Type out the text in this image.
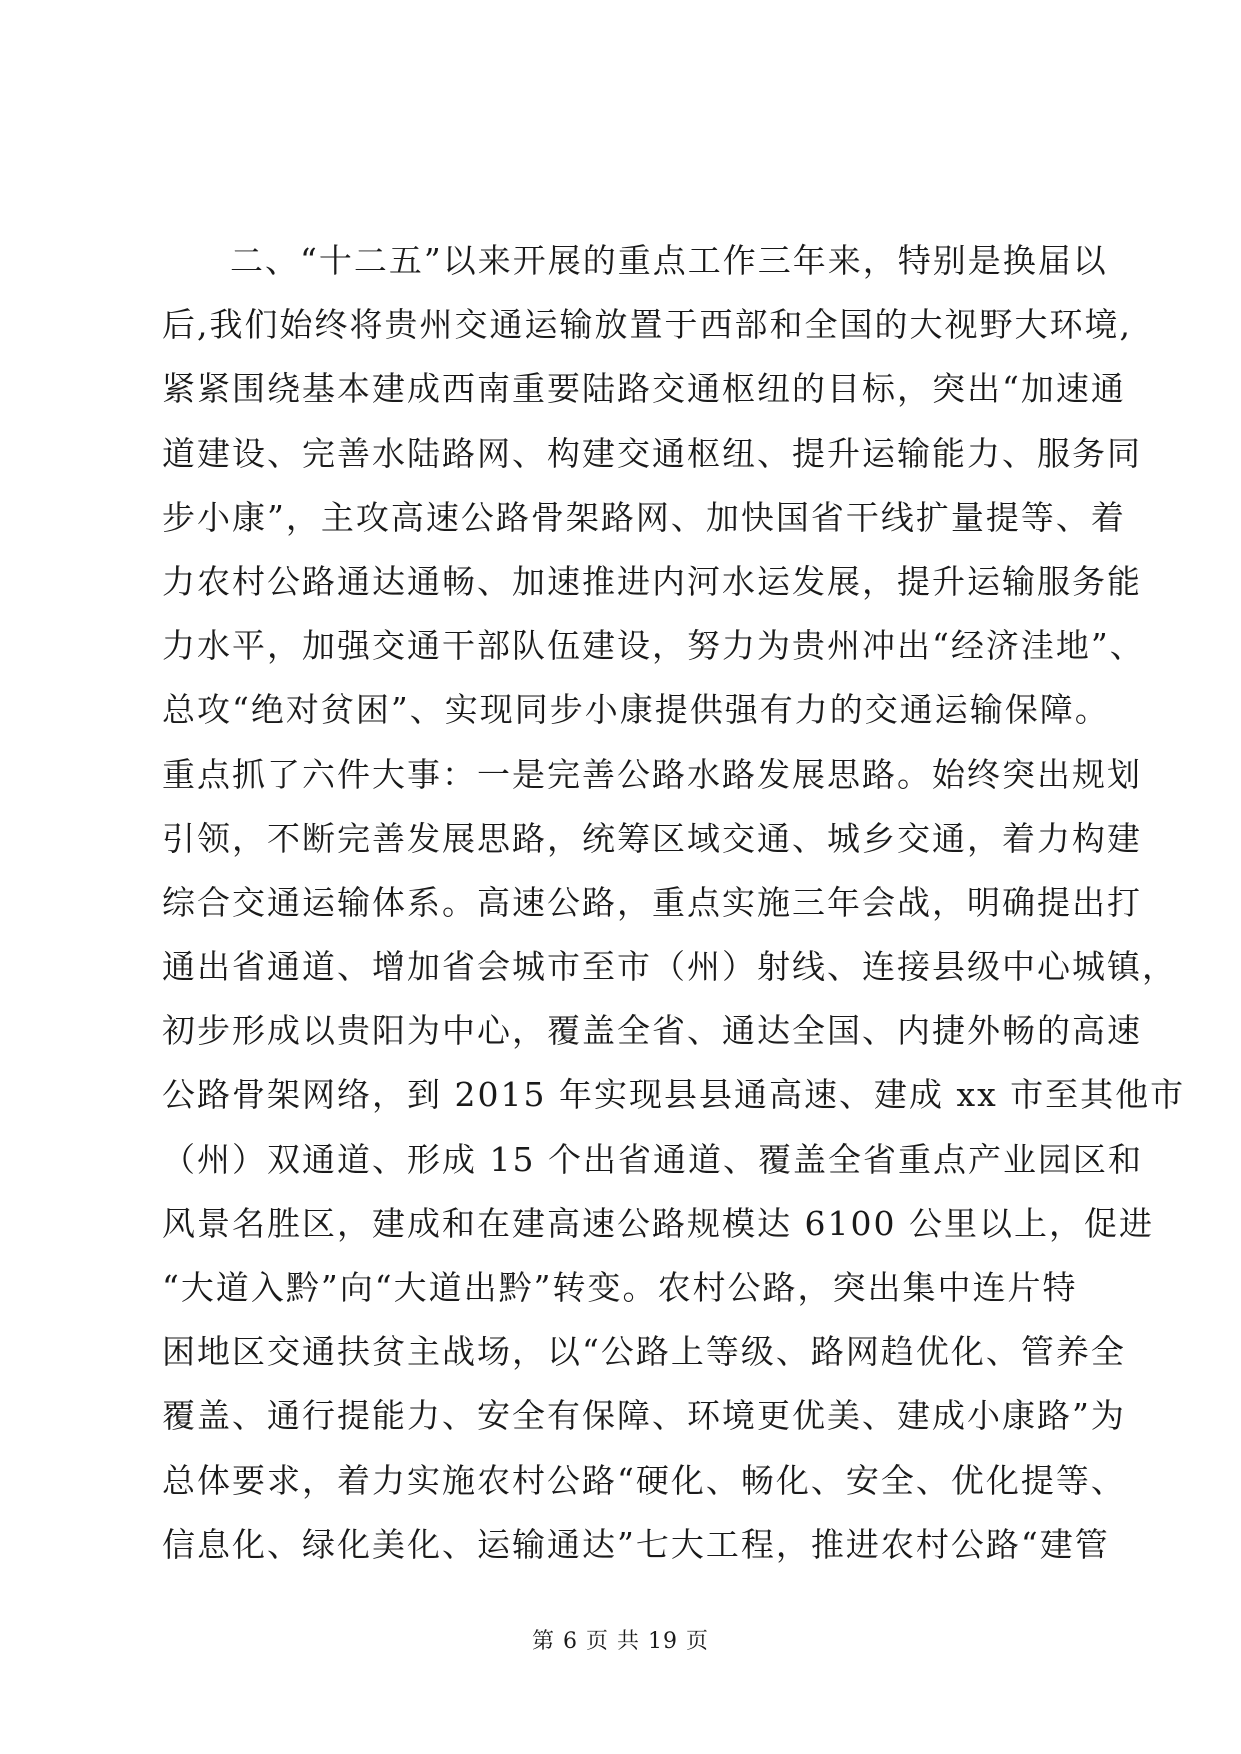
二、“十二五”以来开展的重点工作三年来，特别是换届以
后,我们始终将贵州交通运输放置于西部和全国的大视野大环境,
紧紧围绕基本建成西南重要陆路交通枢纽的目标，突出“加速通
道建设、完善水陆路网、构建交通枢纽、提升运输能力、服务同
步小康”，主攻高速公路骨架路网、加快国省干线扩量提等、着
力农村公路通达通畅、加速推进内河水运发展，提升运输服务能
力水平，加强交通干部队伍建设，努力为贵州冲出“经济洼地”、
总攻“绝对贫困”、实现同步小康提供强有力的交通运输保障。
重点抓了六件大事：一是完善公路水路发展思路。始终突出规划
引领，不断完善发展思路，统筹区域交通、城乡交通，着力构建
综合交通运输体系。高速公路，重点实施三年会战，明确提出打
通出省通道、增加省会城市至市（州）射线、连接县级中心城镇，
初步形成以贵阳为中心，覆盖全省、通达全国、内捷外畅的高速
公路骨架网络，到 2015 年实现县县通高速、建成 xx 市至其他市
（州）双通道、形成 15 个出省通道、覆盖全省重点产业园区和
风景名胜区，建成和在建高速公路规模达 6100 公里以上，促进
“大道入黔”向“大道出黔”转变。农村公路，突出集中连片特
困地区交通扶贫主战场，以“公路上等级、路网趋优化、管养全
覆盖、通行提能力、安全有保障、环境更优美、建成小康路”为
总体要求，着力实施农村公路“硬化、畅化、安全、优化提等、
信息化、绿化美化、运输通达”七大工程，推进农村公路“建管
第 6 页 共 19 页
